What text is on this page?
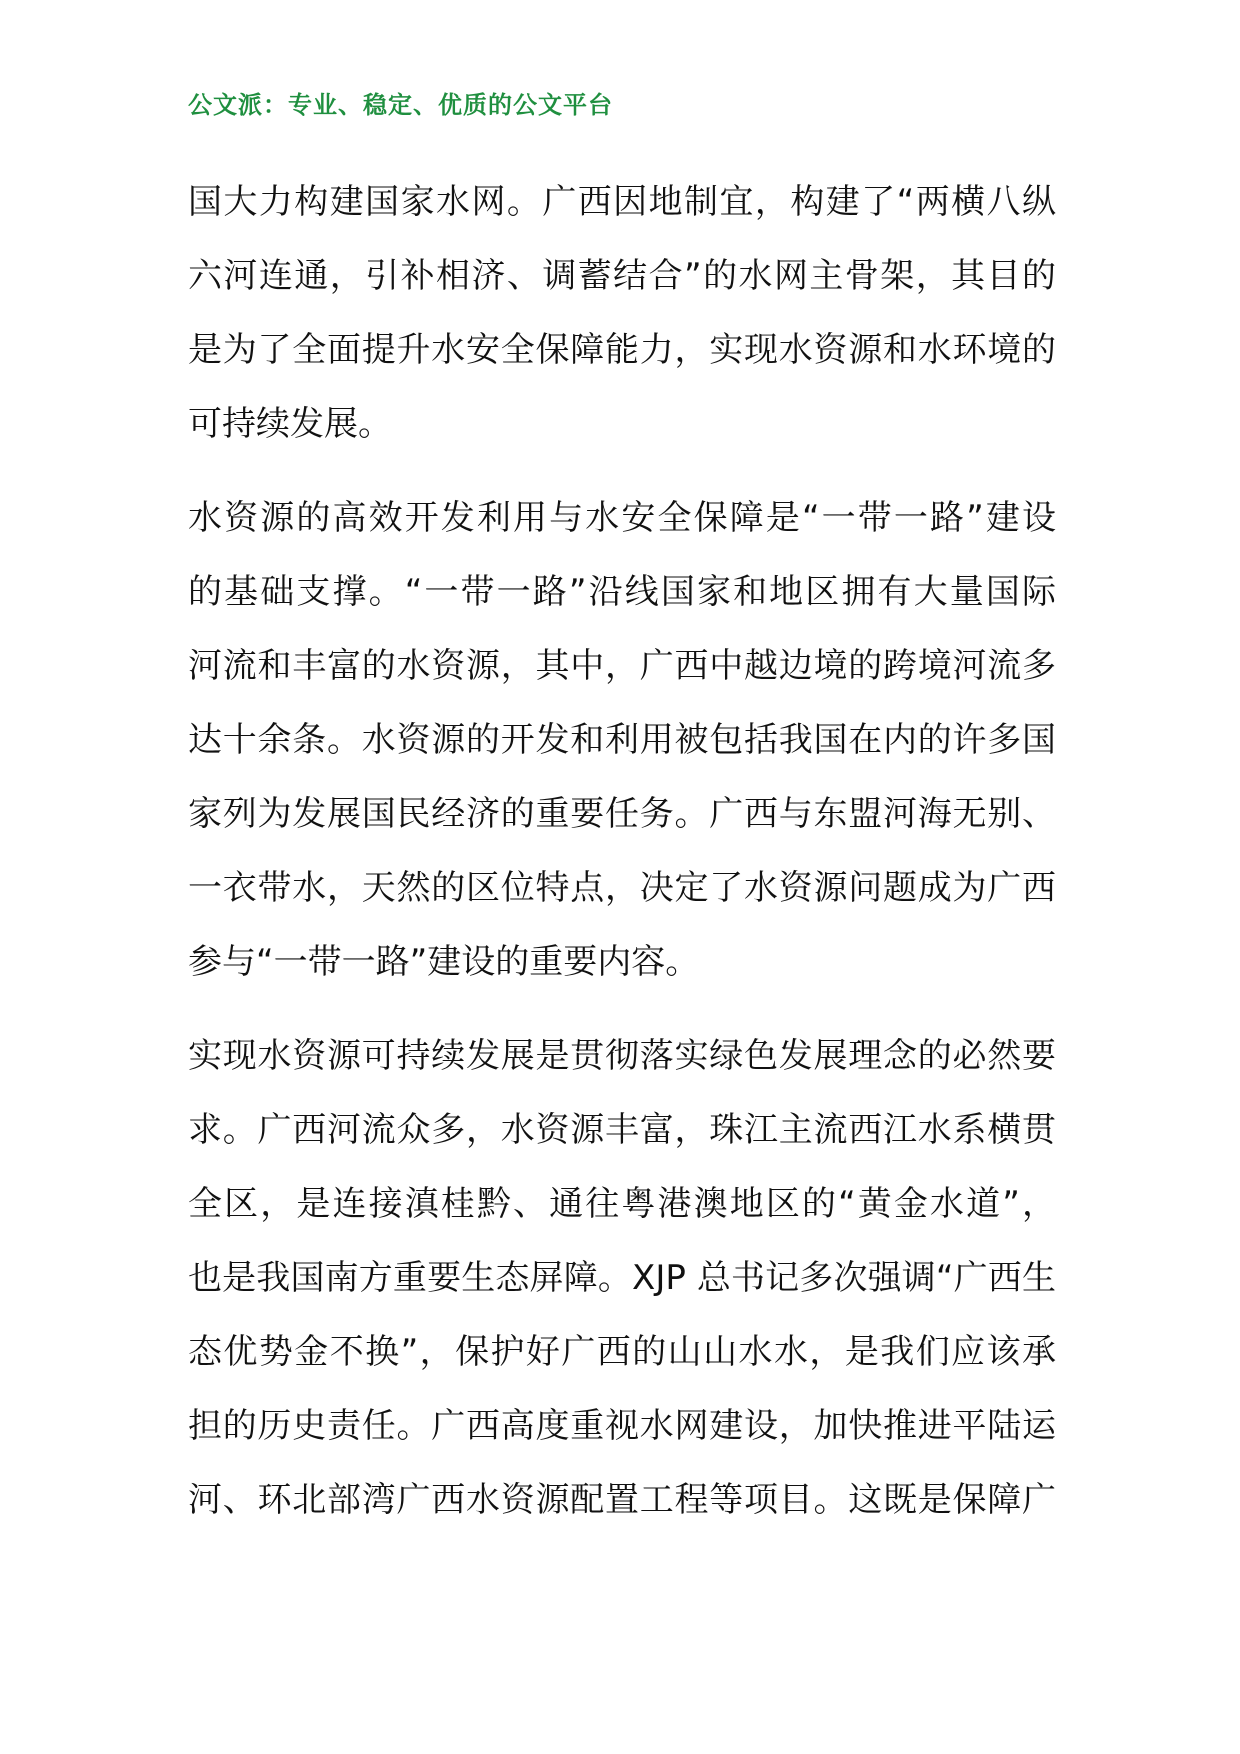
公文派：专业、稳定、优质的公文平台
国大力构建国家水网。广西因地制宜，构建了“两横八纵
六河连通，引补相济、调蓄结合”的水网主骨架，其目的
是为了全面提升水安全保障能力，实现水资源和水环境的
可持续发展。
水资源的高效开发利用与水安全保障是“一带一路”建设
的基础支撑。“一带一路”沿线国家和地区拥有大量国际
河流和丰富的水资源，其中，广西中越边境的跨境河流多
达十余条。水资源的开发和利用被包括我国在内的许多国
家列为发展国民经济的重要任务。广西与东盟河海无别、
一衣带水，天然的区位特点，决定了水资源问题成为广西
参与“一带一路”建设的重要内容。
实现水资源可持续发展是贯彻落实绿色发展理念的必然要
求。广西河流众多，水资源丰富，珠江主流西江水系横贯
全区，是连接滇桂黔、通往粤港澳地区的“黄金水道”，
也是我国南方重要生态屏障。XJP 总书记多次强调“广西生
态优势金不换”，保护好广西的山山水水，是我们应该承
担的历史责任。广西高度重视水网建设，加快推进平陆运
河、环北部湾广西水资源配置工程等项目。这既是保障广
